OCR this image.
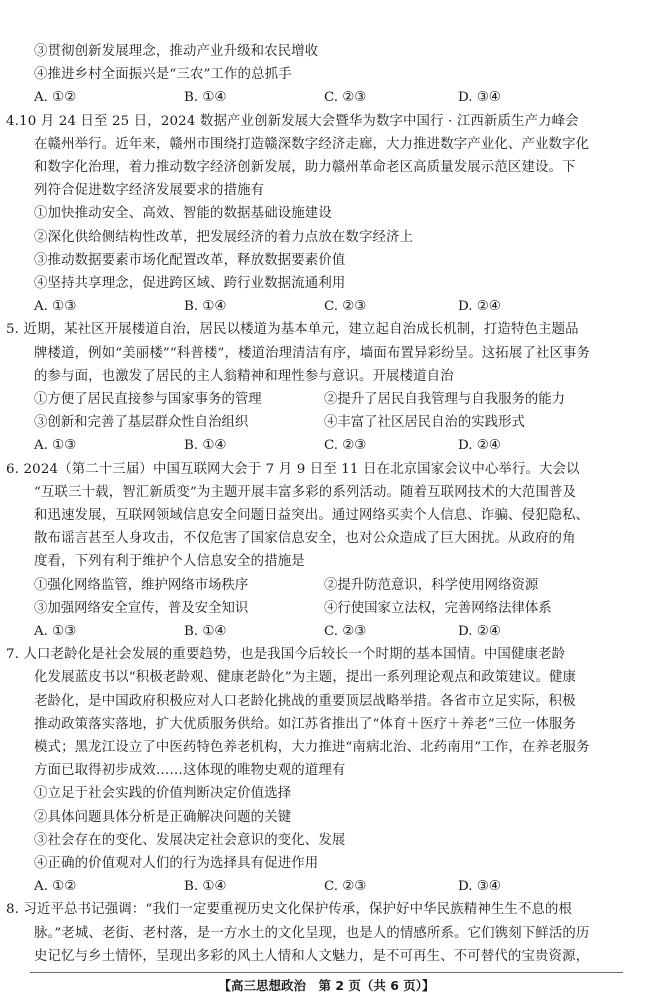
③贯彻创新发展理念，推动产业升级和农民增收
④推进乡村全面振兴是“三农”工作的总抓手
A. ①②	B. ①④	C. ②③	D. ③④
4.10 月 24 日至 25 日，2024 数据产业创新发展大会暨华为数字中国行 · 江西新质生产力峰会
在赣州举行。近年来，赣州市围绕打造赣深数字经济走廊，大力推进数字产业化、产业数字化
和数字化治理，着力推动数字经济创新发展，助力赣州革命老区高质量发展示范区建设。下
列符合促进数字经济发展要求的措施有
①加快推动安全、高效、智能的数据基础设施建设
②深化供给侧结构性改革，把发展经济的着力点放在数字经济上
③推动数据要素市场化配置改革，释放数据要素价值
④坚持共享理念，促进跨区域、跨行业数据流通利用
A. ①③	B. ①④	C. ②③	D. ②④
5. 近期，某社区开展楼道自治，居民以楼道为基本单元，建立起自治成长机制，打造特色主题品
牌楼道，例如“美丽楼”“科普楼”，楼道治理清洁有序，墙面布置异彩纷呈。这拓展了社区事务
的参与面，也激发了居民的主人翁精神和理性参与意识。开展楼道自治
①方便了居民直接参与国家事务的管理	②提升了居民自我管理与自我服务的能力
③创新和完善了基层群众性自治组织	④丰富了社区居民自治的实践形式
A. ①③	B. ①④	C. ②③	D. ②④
6. 2024（第二十三届）中国互联网大会于 7 月 9 日至 11 日在北京国家会议中心举行。大会以
“互联三十载，智汇新质变”为主题开展丰富多彩的系列活动。随着互联网技术的大范围普及
和迅速发展，互联网领域信息安全问题日益突出。通过网络买卖个人信息、诈骗、侵犯隐私、
散布谣言甚至人身攻击，不仅危害了国家信息安全，也对公众造成了巨大困扰。从政府的角
度看，下列有利于维护个人信息安全的措施是
①强化网络监管，维护网络市场秩序	②提升防范意识，科学使用网络资源
③加强网络安全宣传，普及安全知识	④行使国家立法权，完善网络法律体系
A. ①③	B. ①④	C. ②③	D. ②④
7. 人口老龄化是社会发展的重要趋势，也是我国今后较长一个时期的基本国情。中国健康老龄
化发展蓝皮书以“积极老龄观、健康老龄化”为主题，提出一系列理论观点和政策建议。健康
老龄化，是中国政府积极应对人口老龄化挑战的重要顶层战略举措。各省市立足实际，积极
推动政策落实落地，扩大优质服务供给。如江苏省推出了“体育＋医疗＋养老”三位一体服务
模式；黑龙江设立了中医药特色养老机构，大力推进“南病北治、北药南用”工作，在养老服务
方面已取得初步成效……这体现的唯物史观的道理有
①立足于社会实践的价值判断决定价值选择
②具体问题具体分析是正确解决问题的关键
③社会存在的变化、发展决定社会意识的变化、发展
④正确的价值观对人们的行为选择具有促进作用
A. ①②	B. ①④	C. ②③	D. ③④
8. 习近平总书记强调：“我们一定要重视历史文化保护传承，保护好中华民族精神生生不息的根
脉。”老城、老街、老村落，是一方水土的文化呈现，也是人的情感所系。它们镌刻下鲜活的历
史记忆与乡土情怀，呈现出多彩的风土人情和人文魅力，是不可再生、不可替代的宝贵资源，
【高三思想政治　第 2 页（共 6 页）】
